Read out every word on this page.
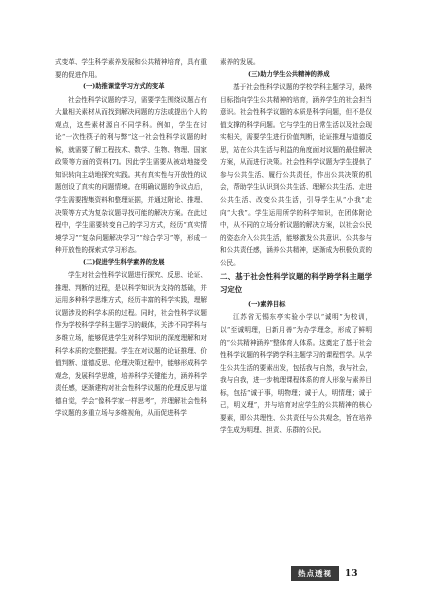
式变革、学生科学素养发展和公共精神培育，具有重要的促进作用。

(一)助推课堂学习方式的变革

社会性科学议题的学习，需要学生围绕议题占有大量相关素材从而找到解决问题的方法或提出个人的观点，这些素材源自不同学科。例如，学生在讨论“一次性筷子的利与弊”这一社会性科学议题的时候，就需要了解工程技术、数学、生物、物理、国家政策等方面的资料[7]。因此学生需要从被动地接受知识转向主动地探究实践。其有真实性与开放性的议题创设了真实的问题情境。在明确议题的争议点后，学生需要搜集资料和整理证据，并通过附论、推理、决策等方式为复杂议题寻找可能的解决方案。在此过程中，学生需要转变自己的学习方式，经历“真实情境学习”“复杂问题解决学习”“综合学习”等，形成一种开放性的探索式学习形态。

(二)促进学生科学素养的发展

学生对社会性科学议题进行探究、反思、论证、推理、判断的过程，是以科学知识为支持的基础，并运用多种科学思维方式，经历丰富的科学实践，理解议题涉及的科学本质的过程。同时，社会性科学议题作为学校科学学科主题学习的载体，关涉不同学科与多维立场，能够促进学生对科学知识的深度理解和对科学本质的完整把握。学生在对议题的论证推理、价值判断、道德反思、伦理决策过程中，能够形成科学观念，发展科学思维，培养科学关键能力，涵养科学责任感，逐渐建构对社会性科学议题的伦理反思与道德自觉，学会“像科学家一样思考”，并理解社会性科学议题的多重立场与多维视角，从而促进科学

素养的发展。

(三)助力学生公共精神的养成

基于社会性科学议题的学校学科主题学习，最终目标指向学生公共精神的培育，涵养学生的社会担当意识。社会性科学议题的本质是科学问题，但不是仅值支撑的科学问题。它与学生的日常生活以及社会现实相关，需要学生进行价值判断，论证推理与道德反思，站在公共生活与利益的角度面对议题的最佳解决方案，从而进行决策。社会性科学议题为学生提供了参与公共生活、履行公共责任，作出公共决策的机会，帮助学生认识到公共生活、理解公共生活、走进公共生活、改变公共生活，引导学生从“小我”走向“大我”。学生运用所学的科学知识，在团体附论中，从不同的立场分析议题的解决方案，以社会公民的姿态介入公共生活，能够激发公共意识、公共参与和公共责任感，涵养公共精神，逐渐成为积极负责的公民。

二、基于社会性科学议题的科学跨学科主题学习定位
(一)素养目标

江苏省无锡东亭实验小学以“诚明”为校训，以“至诚明理，日新月善”为办学理念，形成了鲜明的“公共精神涵养”整体育人体系。这奠定了基于社会性科学议题的科学跨学科主题学习的课程哲学。从学生公共生活的要素出发，包括我与自然，我与社会，我与自我，进一步梳理课程体系的育人形象与素养目标，包括“诚于事，明物理；诚于人，明情理；诚于己，明义理”，并与培育对应学生的公共精神的核心要素，即公共理性、公共责任与公共观念，旨在培养学生成为明理、担责、乐群的公民。

热点透视	13
